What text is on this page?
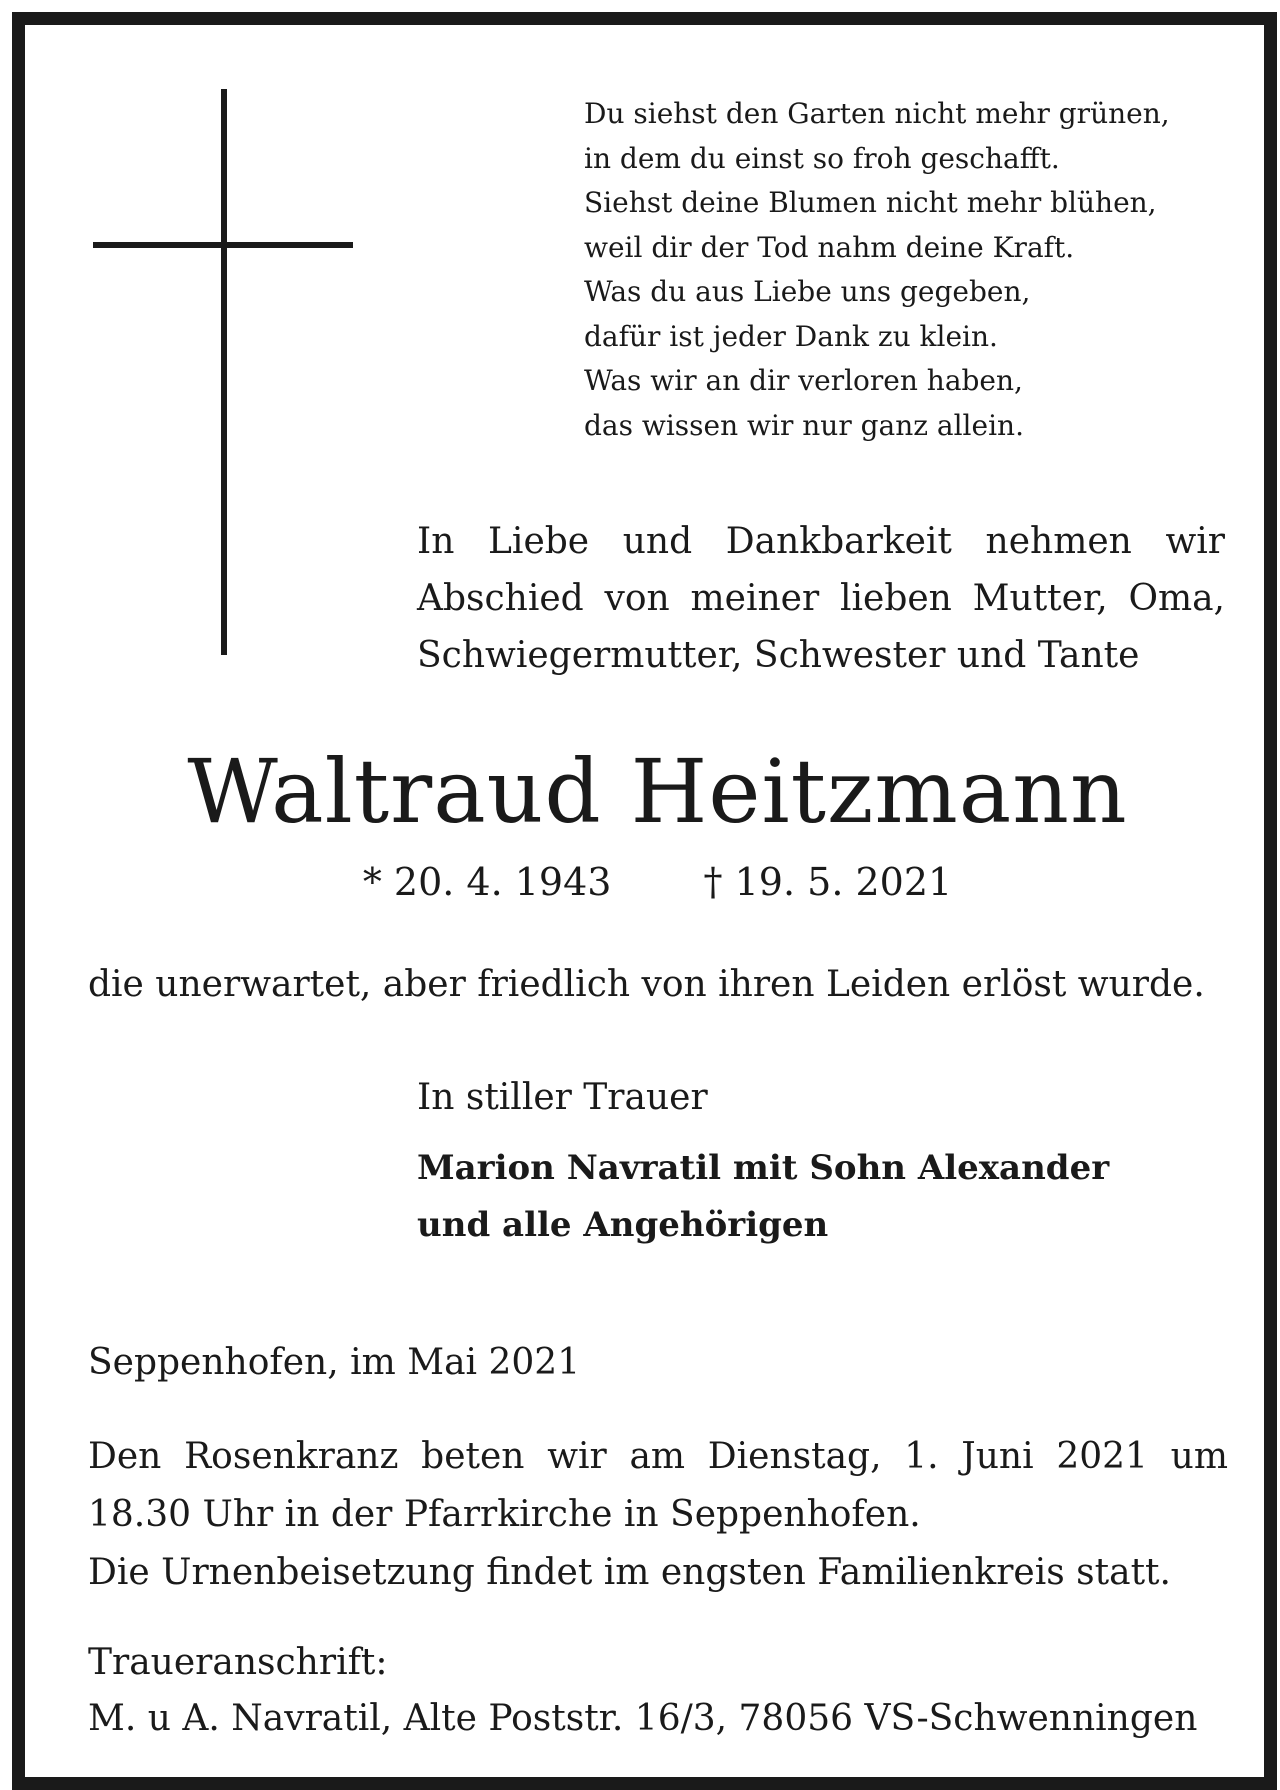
Du siehst den Garten nicht mehr grünen,
in dem du einst so froh geschafft.
Siehst deine Blumen nicht mehr blühen,
weil dir der Tod nahm deine Kraft.
Was du aus Liebe uns gegeben,
dafür ist jeder Dank zu klein.
Was wir an dir verloren haben,
das wissen wir nur ganz allein.
In Liebe und Dankbarkeit nehmen wir
Abschied von meiner lieben Mutter, Oma,
Schwiegermutter, Schwester und Tante
Waltraud Heitzmann
* 20. 4. 1943 † 19. 5. 2021
die unerwartet, aber friedlich von ihren Leiden erlöst wurde.
In stiller Trauer
Marion Navratil mit Sohn Alexander
und alle Angehörigen
Seppenhofen, im Mai 2021
Den Rosenkranz beten wir am Dienstag, 1. Juni 2021 um
18.30 Uhr in der Pfarrkirche in Seppenhofen.
Die Urnenbeisetzung findet im engsten Familienkreis statt.
Traueranschrift:
M. u A. Navratil, Alte Poststr. 16/3, 78056 VS-Schwenningen
